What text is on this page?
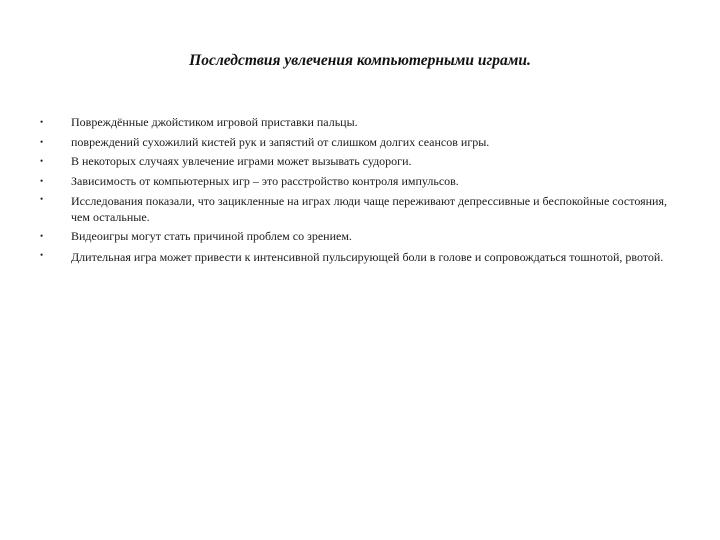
Последствия увлечения компьютерными играми.
•	Повреждённые джойстиком игровой приставки пальцы.
•	повреждений сухожилий кистей рук и запястий от слишком долгих сеансов игры.
•	В некоторых случаях увлечение играми может вызывать судороги.
•	Зависимость от компьютерных игр – это расстройство контроля импульсов.
•	Исследования показали, что зацикленные на играх люди чаще переживают депрессивные и беспокойные состояния, чем остальные.
•	Видеоигры могут стать причиной проблем со зрением.
•	Длительная игра может привести к интенсивной пульсирующей боли в голове и сопровождаться тошнотой, рвотой.
